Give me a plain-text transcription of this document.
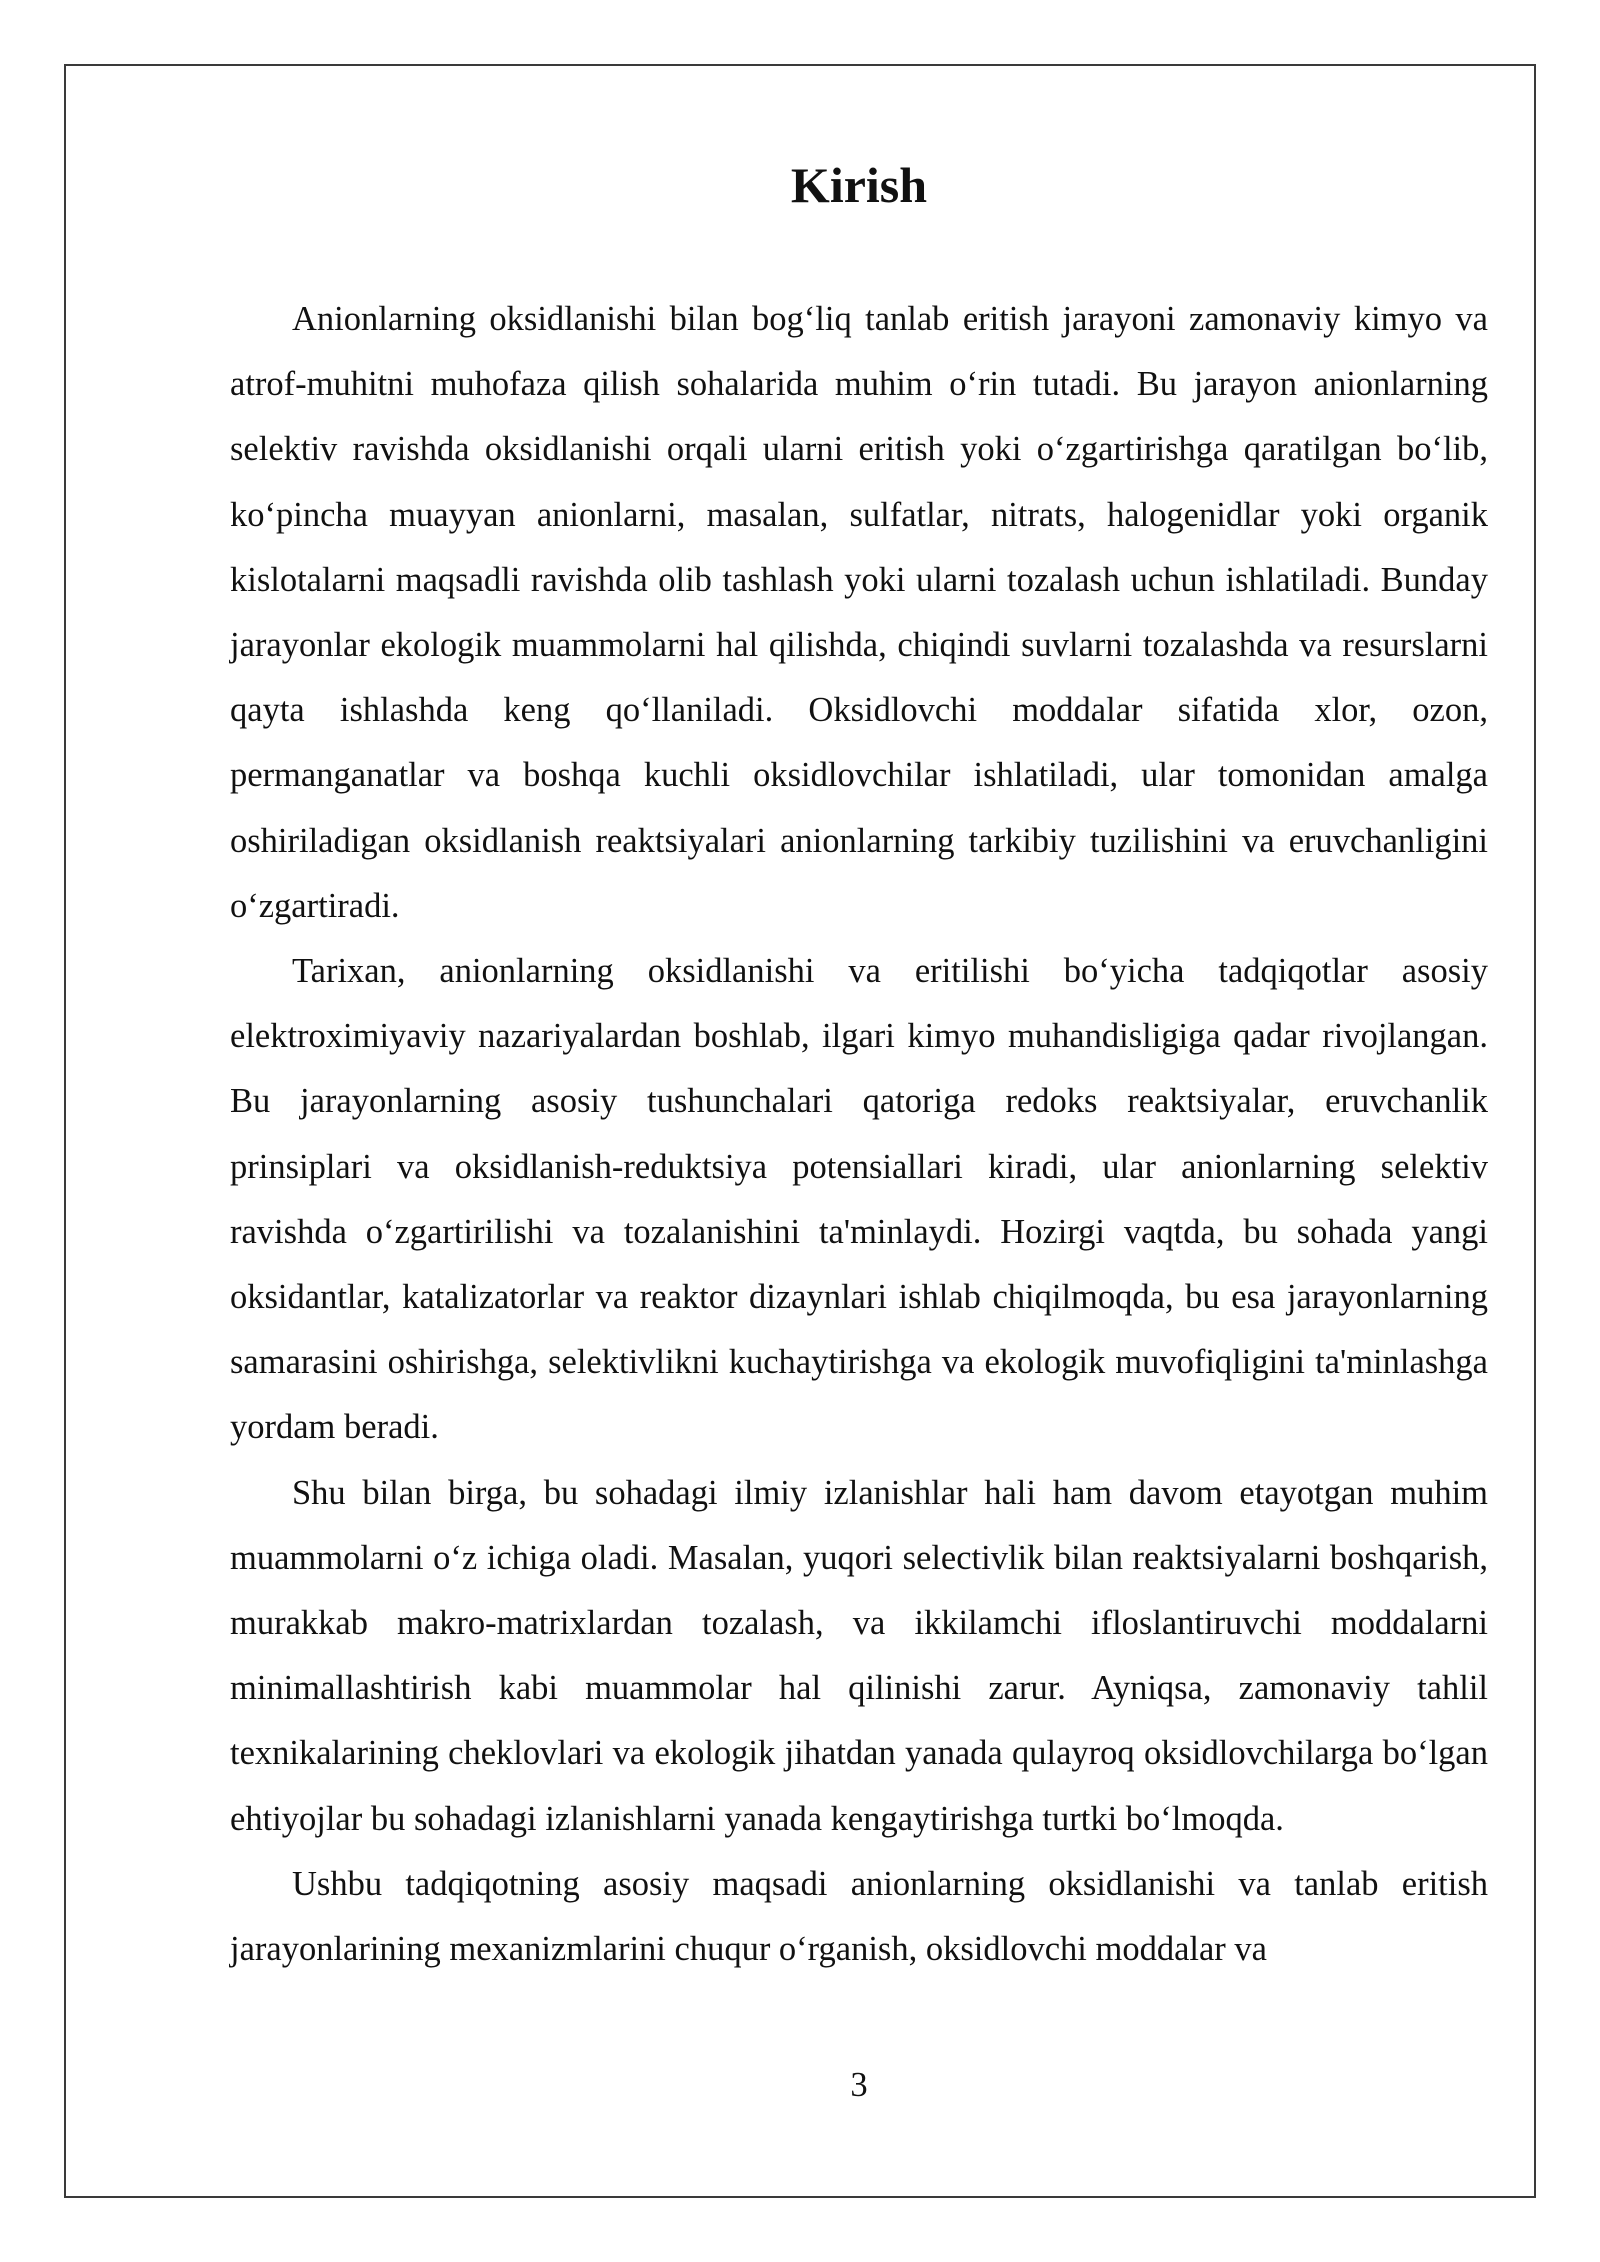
Kirish

Anionlarning oksidlanishi bilan bog‘liq tanlab eritish jarayoni zamonaviy kimyo va atrof-muhitni muhofaza qilish sohalarida muhim o‘rin tutadi. Bu jarayon anionlarning selektiv ravishda oksidlanishi orqali ularni eritish yoki o‘zgartirishga qaratilgan bo‘lib, ko‘pincha muayyan anionlarni, masalan, sulfatlar, nitrats, halogenidlar yoki organik kislotalarni maqsadli ravishda olib tashlash yoki ularni tozalash uchun ishlatiladi. Bunday jarayonlar ekologik muammolarni hal qilishda, chiqindi suvlarni tozalashda va resurslarni qayta ishlashda keng qo‘llaniladi. Oksidlovchi moddalar sifatida xlor, ozon, permanganatlar va boshqa kuchli oksidlovchilar ishlatiladi, ular tomonidan amalga oshiriladigan oksidlanish reaktsiyalari anionlarning tarkibiy tuzilishini va eruvchanligini o‘zgartiradi.

Tarixan, anionlarning oksidlanishi va eritilishi bo‘yicha tadqiqotlar asosiy elektroximiyaviy nazariyalardan boshlab, ilgari kimyo muhandisligiga qadar rivojlangan. Bu jarayonlarning asosiy tushunchalari qatoriga redoks reaktsiyalar, eruvchanlik prinsiplari va oksidlanish-reduktsiya potensiallari kiradi, ular anionlarning selektiv ravishda o‘zgartirilishi va tozalanishini ta'minlaydi. Hozirgi vaqtda, bu sohada yangi oksidantlar, katalizatorlar va reaktor dizaynlari ishlab chiqilmoqda, bu esa jarayonlarning samarasini oshirishga, selektivlikni kuchaytirishga va ekologik muvofiqligini ta'minlashga yordam beradi.

Shu bilan birga, bu sohadagi ilmiy izlanishlar hali ham davom etayotgan muhim muammolarni o‘z ichiga oladi. Masalan, yuqori selectivlik bilan reaktsiyalarni boshqarish, murakkab makro-matrixlardan tozalash, va ikkilamchi ifloslantiruvchi moddalarni minimallashtirish kabi muammolar hal qilinishi zarur. Ayniqsa, zamonaviy tahlil texnikalarining cheklovlari va ekologik jihatdan yanada qulayroq oksidlovchilarga bo‘lgan ehtiyojlar bu sohadagi izlanishlarni yanada kengaytirishga turtki bo‘lmoqda.

Ushbu tadqiqotning asosiy maqsadi anionlarning oksidlanishi va tanlab eritish jarayonlarining mexanizmlarini chuqur o‘rganish, oksidlovchi moddalar va

3
